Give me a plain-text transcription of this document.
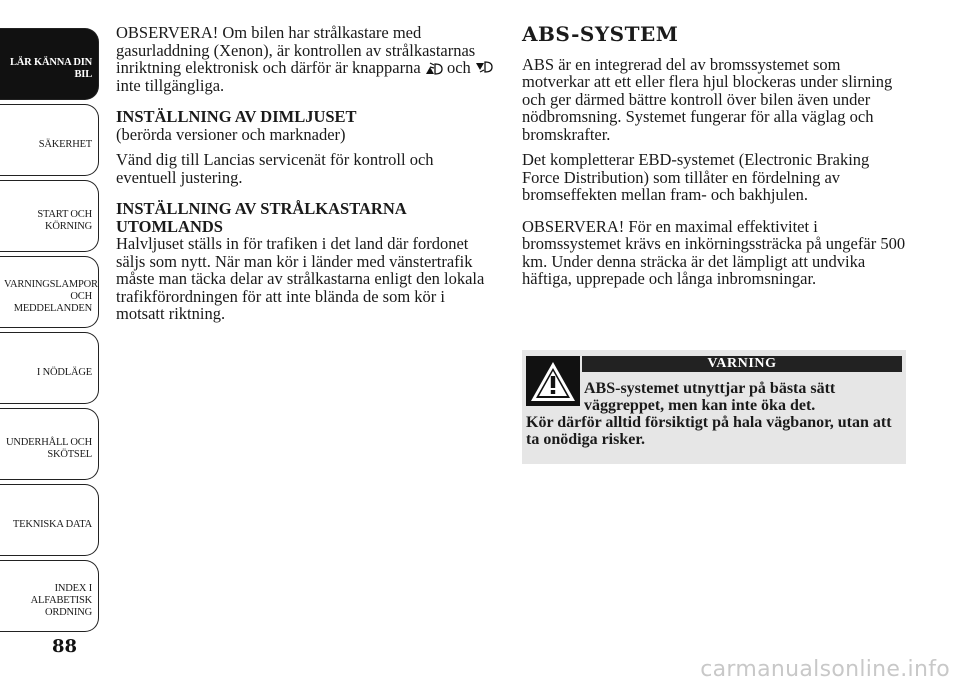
LÄR KÄNNA DIN BIL
SÄKERHET
START OCH KÖRNING
VARNINGSLAMPOR OCH MEDDELANDEN
I NÖDLÄGE
UNDERHÅLL OCH SKÖTSEL
TEKNISKA DATA
INDEX I ALFABETISK ORDNING
88

OBSERVERA! Om bilen har strålkastare med gasurladdning (Xenon), är kontrollen av strålkastarnas inriktning elektronisk och därför är knapparna och  inte tillgängliga.

INSTÄLLNING AV DIMLJUSET

(berörda versioner och marknader)

Vänd dig till Lancias servicenät för kontroll och eventuell justering.

INSTÄLLNING AV STRÅLKASTARNA UTOMLANDS

Halvljuset ställs in för trafiken i det land där fordonet säljs som nytt. När man kör i länder med vänstertrafik måste man täcka delar av strålkastarna enligt den lokala trafikförordningen för att inte blända de som kör i motsatt riktning.

ABS-SYSTEM

ABS är en integrerad del av bromssystemet som motverkar att ett eller flera hjul blockeras under slirning och ger därmed bättre kontroll över bilen även under nödbromsning. Systemet fungerar för alla väglag och bromskrafter.

Det kompletterar EBD-systemet (Electronic Braking Force Distribution) som tillåter en fördelning av bromseffekten mellan fram- och bakhjulen.

OBSERVERA! För en maximal effektivitet i bromssystemet krävs en inkörningssträcka på ungefär 500 km. Under denna sträcka är det lämpligt att undvika häftiga, upprepade och långa inbromsningar.

VARNING
ABS-systemet utnyttjar på bästa sätt väggreppet, men kan inte öka det.
Kör därför alltid försiktigt på hala vägbanor, utan att ta onödiga risker.
carmanualsonline.info
